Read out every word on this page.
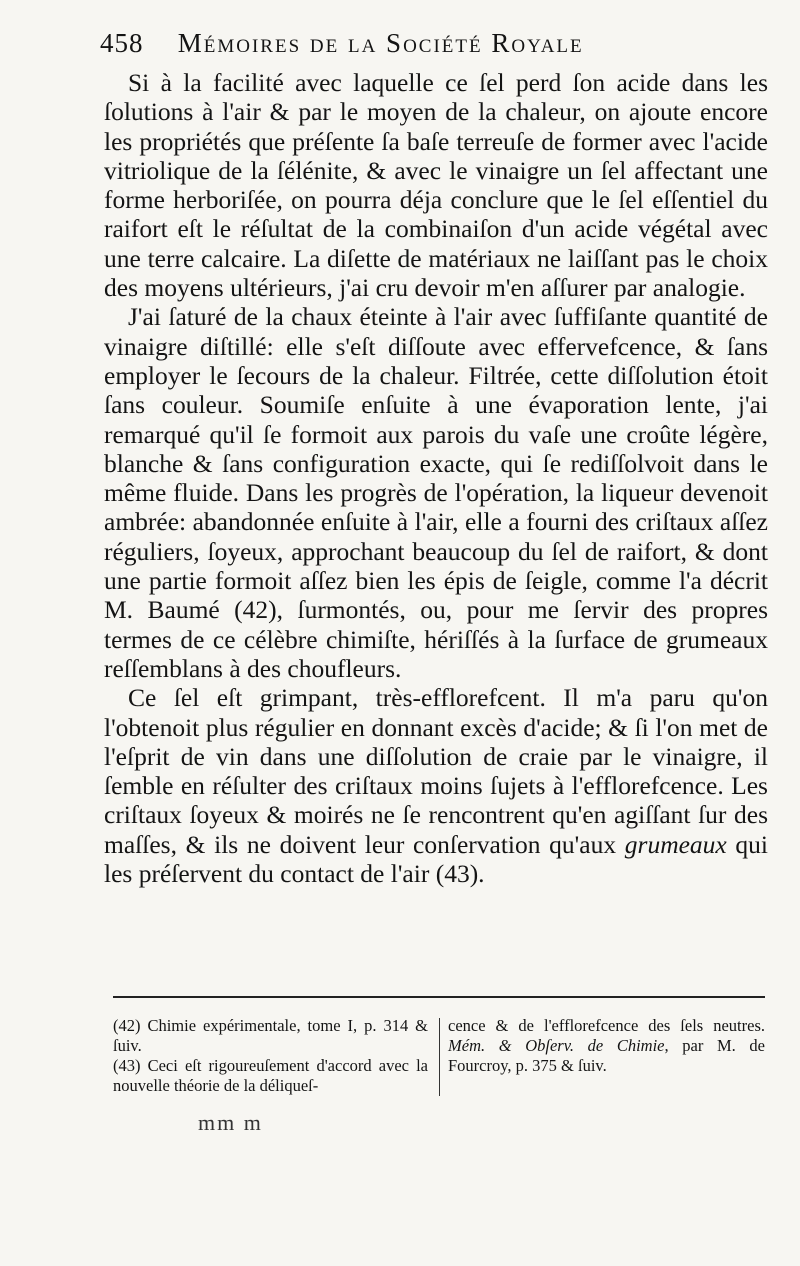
458 Mémoires de la Société Royale

Si à la facilité avec laquelle ce ſel perd ſon acide dans les ſolutions à l'air & par le moyen de la chaleur, on ajoute encore les propriétés que préſente ſa baſe terreuſe de former avec l'acide vitriolique de la ſélénite, & avec le vinaigre un ſel affectant une forme herboriſée, on pourra déja conclure que le ſel eſſentiel du raifort eſt le réſultat de la combinaiſon d'un acide végétal avec une terre calcaire. La diſette de matériaux ne laiſſant pas le choix des moyens ultérieurs, j'ai cru devoir m'en aſſurer par analogie.

J'ai ſaturé de la chaux éteinte à l'air avec ſuffiſante quantité de vinaigre diſtillé: elle s'eſt diſſoute avec effervefcence, & ſans employer le ſecours de la chaleur. Filtrée, cette diſſolution étoit ſans couleur. Soumiſe enſuite à une évaporation lente, j'ai remarqué qu'il ſe formoit aux parois du vaſe une croûte légère, blanche & ſans configuration exacte, qui ſe rediſſolvoit dans le même fluide. Dans les progrès de l'opération, la liqueur devenoit ambrée: abandonnée enſuite à l'air, elle a fourni des criſtaux aſſez réguliers, ſoyeux, approchant beaucoup du ſel de raifort, & dont une partie formoit aſſez bien les épis de ſeigle, comme l'a décrit M. Baumé (42), ſurmontés, ou, pour me ſervir des propres termes de ce célèbre chimiſte, hériſſés à la ſurface de grumeaux reſſemblans à des choufleurs.

Ce ſel eſt grimpant, très-efflorefcent. Il m'a paru qu'on l'obtenoit plus régulier en donnant excès d'acide; & ſi l'on met de l'eſprit de vin dans une diſſolution de craie par le vinaigre, il ſemble en réſulter des criſtaux moins ſujets à l'efflorefcence. Les criſtaux ſoyeux & moirés ne ſe rencontrent qu'en agiſſant ſur des maſſes, & ils ne doivent leur conſervation qu'aux grumeaux qui les préſervent du contact de l'air (43).

(42) Chimie expérimentale, tome I, p. 314 & ſuiv.

(43) Ceci eſt rigoureuſement d'accord avec la nouvelle théorie de la déliqueſ-

cence & de l'efflorefcence des ſels neutres. Mém. & Obſerv. de Chimie, par M. de Fourcroy, p. 375 & ſuiv.

mm m
